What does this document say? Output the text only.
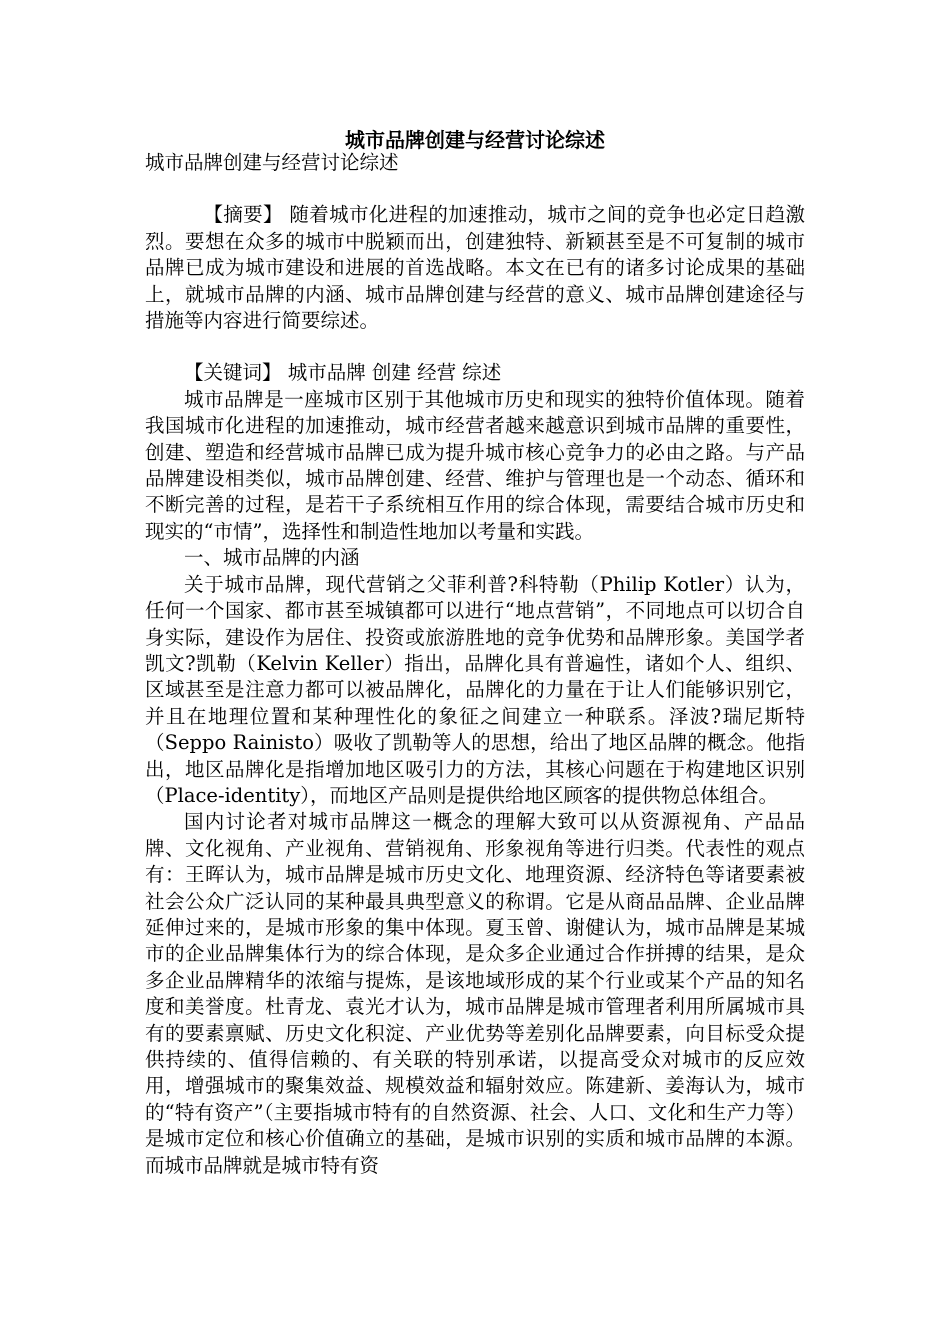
城市品牌创建与经营讨论综述

城市品牌创建与经营讨论综述

【摘要】 随着城市化进程的加速推动，城市之间的竞争也必定日趋激烈。要想在众多的城市中脱颖而出，创建独特、新颖甚至是不可复制的城市品牌已成为城市建设和进展的首选战略。本文在已有的诸多讨论成果的基础上，就城市品牌的内涵、城市品牌创建与经营的意义、城市品牌创建途径与措施等内容进行简要综述。

【关键词】 城市品牌 创建 经营 综述

城市品牌是一座城市区别于其他城市历史和现实的独特价值体现。随着我国城市化进程的加速推动，城市经营者越来越意识到城市品牌的重要性，创建、塑造和经营城市品牌已成为提升城市核心竞争力的必由之路。与产品品牌建设相类似，城市品牌创建、经营、维护与管理也是一个动态、循环和不断完善的过程，是若干子系统相互作用的综合体现，需要结合城市历史和现实的“市情”，选择性和制造性地加以考量和实践。

一、城市品牌的内涵

关于城市品牌，现代营销之父菲利普?科特勒（Philip Kotler）认为，任何一个国家、都市甚至城镇都可以进行“地点营销”，不同地点可以切合自身实际，建设作为居住、投资或旅游胜地的竞争优势和品牌形象。美国学者凯文?凯勒（Kelvin Keller）指出，品牌化具有普遍性，诸如个人、组织、区域甚至是注意力都可以被品牌化，品牌化的力量在于让人们能够识别它，并且在地理位置和某种理性化的象征之间建立一种联系。泽波?瑞尼斯特（Seppo Rainisto）吸收了凯勒等人的思想，给出了地区品牌的概念。他指出，地区品牌化是指增加地区吸引力的方法，其核心问题在于构建地区识别（Place-identity），而地区产品则是提供给地区顾客的提供物总体组合。

国内讨论者对城市品牌这一概念的理解大致可以从资源视角、产品品牌、文化视角、产业视角、营销视角、形象视角等进行归类。代表性的观点有：王晖认为，城市品牌是城市历史文化、地理资源、经济特色等诸要素被社会公众广泛认同的某种最具典型意义的称谓。它是从商品品牌、企业品牌延伸过来的，是城市形象的集中体现。夏玉曾、谢健认为，城市品牌是某城市的企业品牌集体行为的综合体现，是众多企业通过合作拼搏的结果，是众多企业品牌精华的浓缩与提炼，是该地域形成的某个行业或某个产品的知名度和美誉度。杜青龙、袁光才认为，城市品牌是城市管理者利用所属城市具有的要素禀赋、历史文化积淀、产业优势等差别化品牌要素，向目标受众提供持续的、值得信赖的、有关联的特别承诺，以提高受众对城市的反应效用，增强城市的聚集效益、规模效益和辐射效应。陈建新、姜海认为，城市的“特有资产”（主要指城市特有的自然资源、社会、人口、文化和生产力等）是城市定位和核心价值确立的基础，是城市识别的实质和城市品牌的本源。而城市品牌就是城市特有资
